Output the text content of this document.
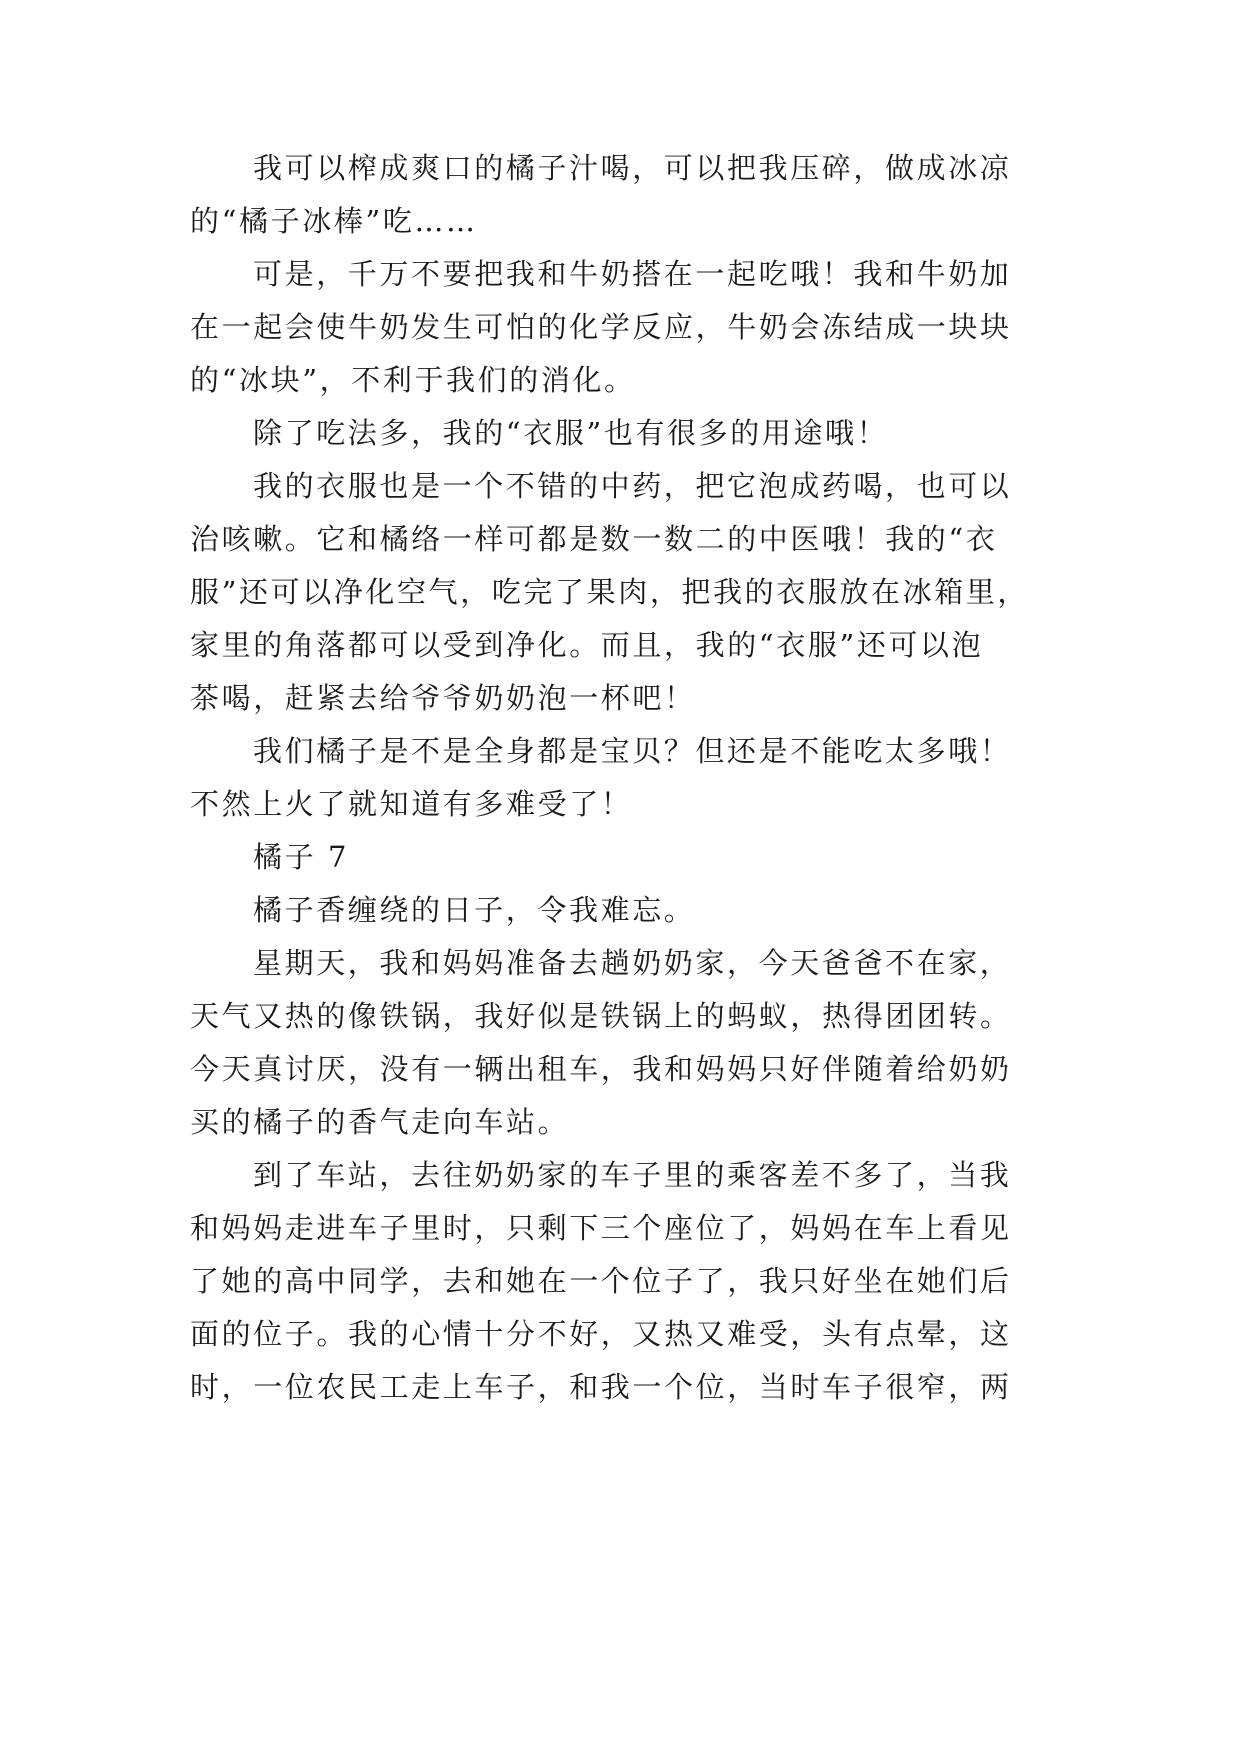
我可以榨成爽口的橘子汁喝，可以把我压碎，做成冰凉
的“橘子冰棒”吃……
可是，千万不要把我和牛奶搭在一起吃哦！我和牛奶加
在一起会使牛奶发生可怕的化学反应，牛奶会冻结成一块块
的“冰块”，不利于我们的消化。
除了吃法多，我的“衣服”也有很多的用途哦！
我的衣服也是一个不错的中药，把它泡成药喝，也可以
治咳嗽。它和橘络一样可都是数一数二的中医哦！我的“衣
服”还可以净化空气，吃完了果肉，把我的衣服放在冰箱里，
家里的角落都可以受到净化。而且，我的“衣服”还可以泡
茶喝，赶紧去给爷爷奶奶泡一杯吧！
我们橘子是不是全身都是宝贝？但还是不能吃太多哦！
不然上火了就知道有多难受了！
橘子 7
橘子香缠绕的日子，令我难忘。
星期天，我和妈妈准备去趟奶奶家，今天爸爸不在家，
天气又热的像铁锅，我好似是铁锅上的蚂蚁，热得团团转。
今天真讨厌，没有一辆出租车，我和妈妈只好伴随着给奶奶
买的橘子的香气走向车站。
到了车站，去往奶奶家的车子里的乘客差不多了，当我
和妈妈走进车子里时，只剩下三个座位了，妈妈在车上看见
了她的高中同学，去和她在一个位子了，我只好坐在她们后
面的位子。我的心情十分不好，又热又难受，头有点晕，这
时，一位农民工走上车子，和我一个位，当时车子很窄，两
